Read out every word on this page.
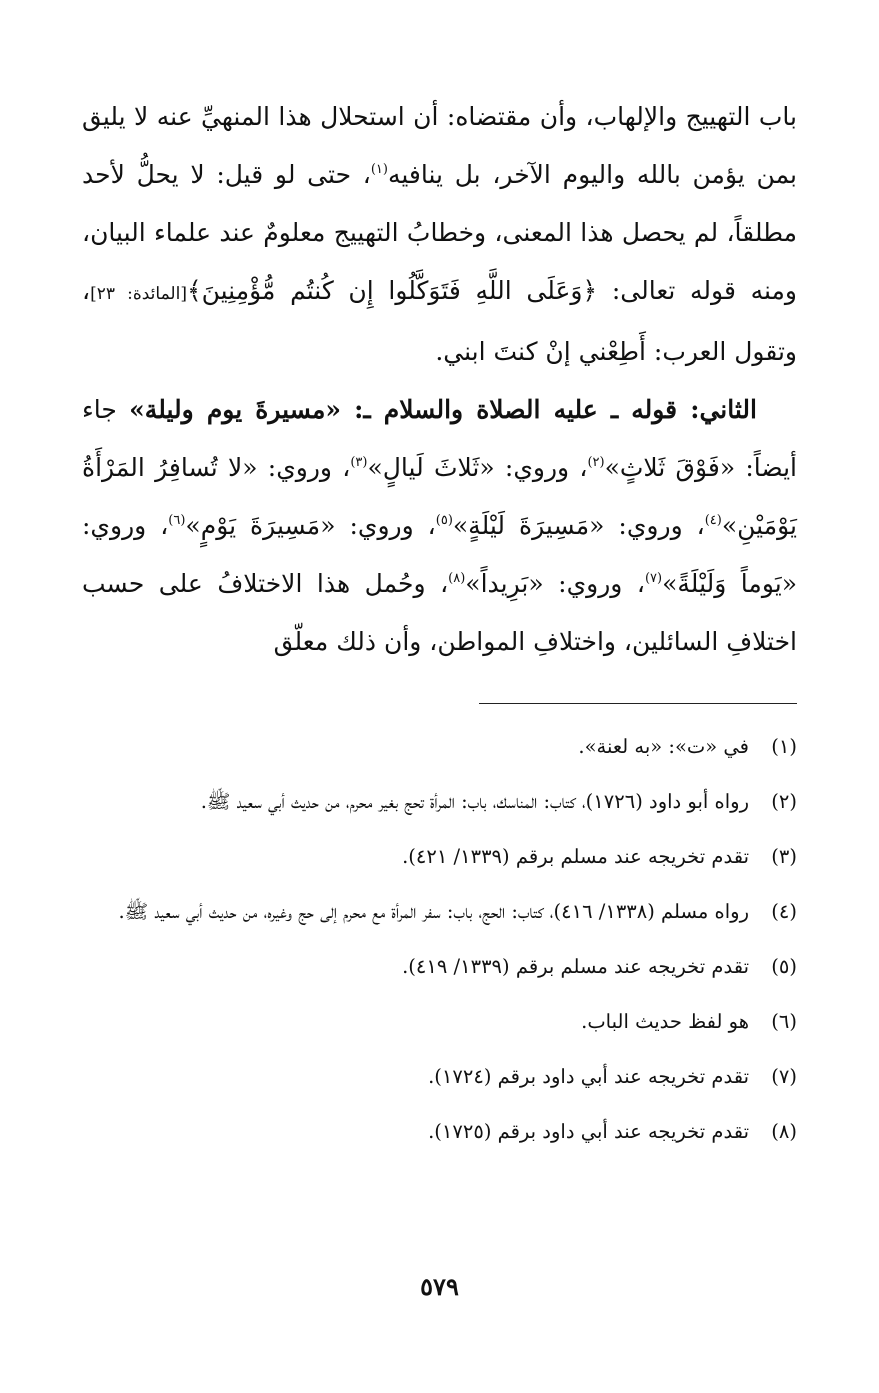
باب التهييج والإلهاب، وأن مقتضاه: أن استحلال هذا المنهيِّ عنه لا يليق بمن يؤمن بالله واليوم الآخر، بل ينافيه$^{(١)}$، حتى لو قيل: لا يحلُّ لأحد مطلقاً، لم يحصل هذا المعنى، وخطابُ التهييج معلومٌ عند علماء البيان، ومنه قوله تعالى: ﴿وَعَلَى اللَّهِ فَتَوَكَّلُوا إِن كُنتُم مُّؤْمِنِينَ﴾[المائدة: ٢٣]، وتقول العرب: أَطِعْني إنْ كنتَ ابني.

الثاني: قوله ـ عليه الصلاة والسلام ـ: «مسيرةَ يوم وليلة» جاء أيضاً: «فَوْقَ ثَلاثٍ»$^{(٢)}$، وروي: «ثَلاثَ لَيالٍ»$^{(٣)}$، وروي: «لا تُسافِرُ المَرْأَةُ يَوْمَيْنِ»$^{(٤)}$، وروي: «مَسِيرَةَ لَيْلَةٍ»$^{(٥)}$، وروي: «مَسِيرَةَ يَوْمٍ»$^{(٦)}$، وروي: «يَوماً وَلَيْلَةً»$^{(٧)}$، وروي: «بَرِيداً»$^{(٨)}$، وحُمل هذا الاختلافُ على حسب اختلافِ السائلين، واختلافِ المواطن، وأن ذلك معلّق

(١)
في «ت»: «به لعنة».
(٢)
رواه أبو داود (١٧٢٦)، كتاب: المناسك، باب: المرأة تحج بغير محرم، من حديث أبي سعيد ﷺ.
(٣)
تقدم تخريجه عند مسلم برقم (١٣٣٩/ ٤٢١).
(٤)
رواه مسلم (١٣٣٨/ ٤١٦)، كتاب: الحج، باب: سفر المرأة مع محرم إلى حج وغيره، من حديث أبي سعيد ﷺ.
(٥)
تقدم تخريجه عند مسلم برقم (١٣٣٩/ ٤١٩).
(٦)
هو لفظ حديث الباب.
(٧)
تقدم تخريجه عند أبي داود برقم (١٧٢٤).
(٨)
تقدم تخريجه عند أبي داود برقم (١٧٢٥).
٥٧٩
